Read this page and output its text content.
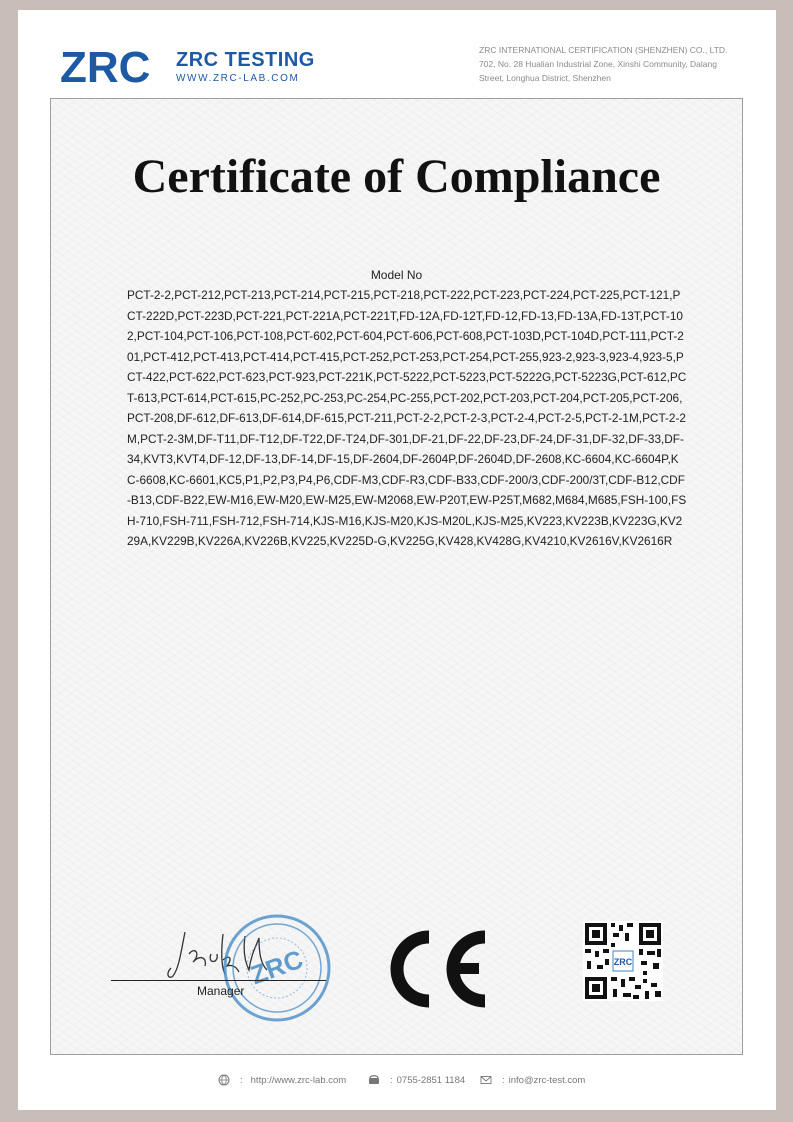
ZRC ZRC TESTING
WWW.ZRC-LAB.COM
ZRC INTERNATIONAL CERTIFICATION (SHENZHEN) CO., LTD.
702, No. 28 Hualian Industrial Zone, Xinshi Community, Dalang
Street, Longhua District, Shenzhen
Certificate of Compliance
Model No
PCT-2-2,PCT-212,PCT-213,PCT-214,PCT-215,PCT-218,PCT-222,PCT-223,PCT-224,PCT-225,PCT-121,PCT-222D,PCT-223D,PCT-221,PCT-221A,PCT-221T,FD-12A,FD-12T,FD-12,FD-13,FD-13A,FD-13T,PCT-102,PCT-104,PCT-106,PCT-108,PCT-602,PCT-604,PCT-606,PCT-608,PCT-103D,PCT-104D,PCT-111,PCT-201,PCT-412,PCT-413,PCT-414,PCT-415,PCT-252,PCT-253,PCT-254,PCT-255,923-2,923-3,923-4,923-5,PCT-422,PCT-622,PCT-623,PCT-923,PCT-221K,PCT-5222,PCT-5223,PCT-5222G,PCT-5223G,PCT-612,PCT-613,PCT-614,PCT-615,PC-252,PC-253,PC-254,PC-255,PCT-202,PCT-203,PCT-204,PCT-205,PCT-206,PCT-208,DF-612,DF-613,DF-614,DF-615,PCT-211,PCT-2-2,PCT-2-3,PCT-2-4,PCT-2-5,PCT-2-1M,PCT-2-2M,PCT-2-3M,DF-T11,DF-T12,DF-T22,DF-T24,DF-301,DF-21,DF-22,DF-23,DF-24,DF-31,DF-32,DF-33,DF-34,KVT3,KVT4,DF-12,DF-13,DF-14,DF-15,DF-2604,DF-2604P,DF-2604D,DF-2608,KC-6604,KC-6604P,KC-6608,KC-6601,KC5,P1,P2,P3,P4,P6,CDF-M3,CDF-R3,CDF-B33,CDF-200/3,CDF-200/3T,CDF-B12,CDF-B13,CDF-B22,EW-M16,EW-M20,EW-M25,EW-M2068,EW-P20T,EW-P25T,M682,M684,M685,FSH-100,FSH-710,FSH-711,FSH-712,FSH-714,KJS-M16,KJS-M20,KJS-M20L,KJS-M25,KV223,KV223B,KV223G,KV229A,KV229B,KV226A,KV226B,KV225,KV225D-G,KV225G,KV428,KV428G,KV4210,KV2616V,KV2616R
ZRC
Manager
ZRC
: http://www.zrc-lab.com	: 0755-2851 1184	: info@zrc-test.com
